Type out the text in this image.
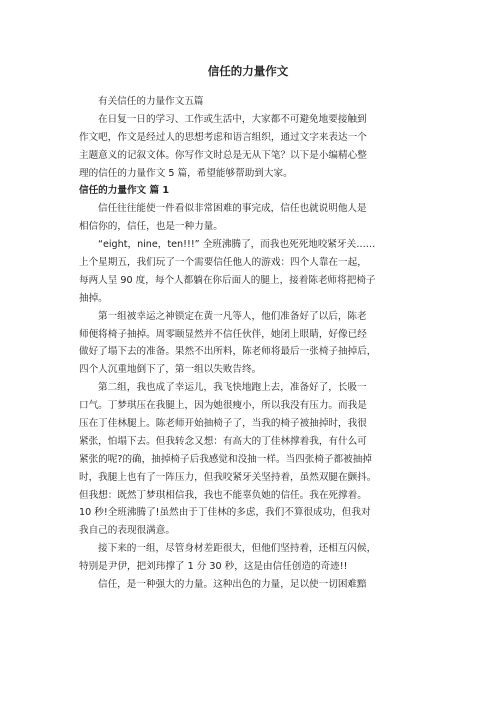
信任的力量作文
有关信任的力量作文五篇
在日复一日的学习、工作或生活中，大家都不可避免地要接触到
作文吧，作文是经过人的思想考虑和语言组织，通过文字来表达一个
主题意义的记叙文体。你写作文时总是无从下笔？以下是小编精心整
理的信任的力量作文 5 篇，希望能够帮助到大家。
信任的力量作文 篇 1
信任往往能使一件看似非常困难的事完成，信任也就说明他人是
相信你的，信任，也是一种力量。
“eight，nine，ten!!!” 全班沸腾了，而我也死死地咬紧牙关……
上个星期五，我们玩了一个需要信任他人的游戏：四个人靠在一起，
每两人呈 90 度，每个人都躺在你后面人的腿上，接着陈老师将把椅子
抽掉。
第一组被幸运之神锁定在黄一凡等人，他们准备好了以后，陈老
师便将椅子抽掉。周零颐显然并不信任伙伴，她闭上眼睛，好像已经
做好了塌下去的准备。果然不出所料，陈老师将最后一张椅子抽掉后，
四个人沉重地倒下了，第一组以失败告终。
第二组，我也成了幸运儿，我飞快地跑上去，准备好了，长吸一
口气。丁梦琪压在我腿上，因为她很瘦小，所以我没有压力。而我是
压在丁佳林腿上。陈老师开始抽椅子了，当我的椅子被抽掉时，我很
紧张，怕塌下去。但我转念又想：有高大的丁佳林撑着我，有什么可
紧张的呢?的确，抽掉椅子后我感觉和没抽一样。当四张椅子都被抽掉
时，我腿上也有了一阵压力，但我咬紧牙关坚持着，虽然双腿在颤抖。
但我想：既然丁梦琪相信我，我也不能辜负她的信任。我在死撑着。
10 秒!全班沸腾了!虽然由于丁佳林的多虑，我们不算很成功，但我对
我自己的表现很满意。
接下来的一组，尽管身材差距很大，但他们坚持着，还相互闪候，
特别是尹伊，把刘玮撑了 1 分 30 秒，这是由信任创造的奇迹!!
信任，是一种强大的力量。这种出色的力量，足以使一切困难黯
